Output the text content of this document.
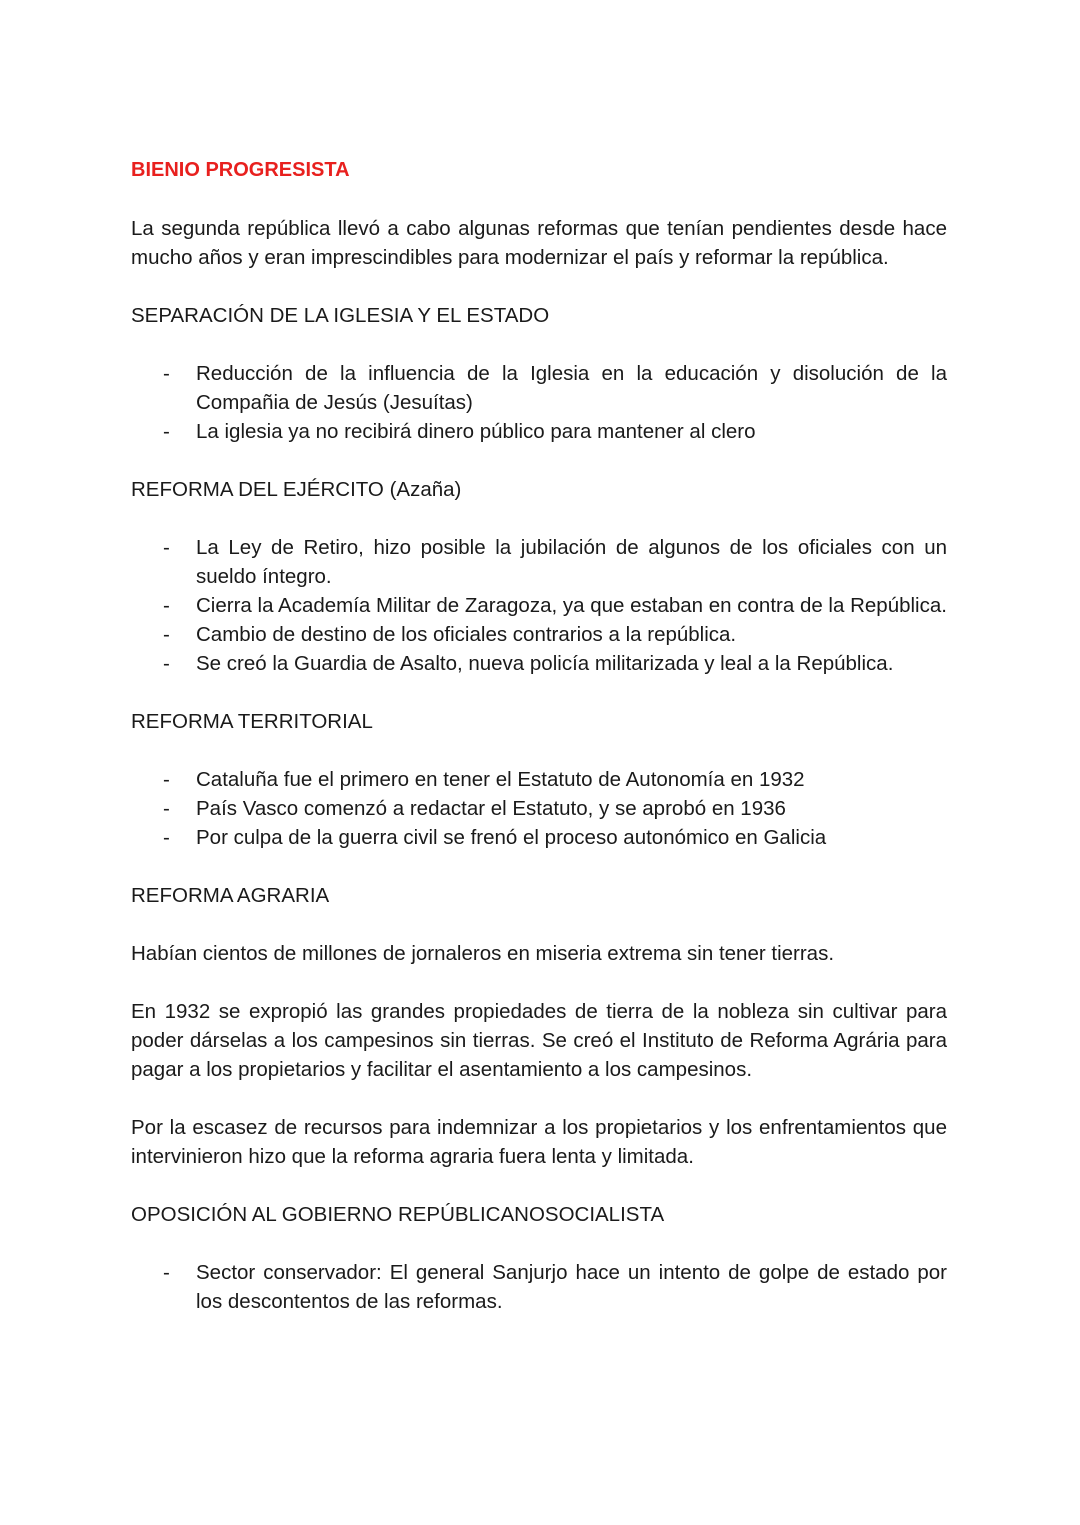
BIENIO PROGRESISTA

La segunda república llevó a cabo algunas reformas que tenían pendientes desde hace mucho años y eran imprescindibles para modernizar el país y reformar la república.

SEPARACIÓN DE LA IGLESIA Y EL ESTADO

- Reducción de la influencia de la Iglesia en la educación y disolución de la Compañia de Jesús (Jesuítas)
- La iglesia ya no recibirá dinero público para mantener al clero

REFORMA DEL EJÉRCITO (Azaña)

- La Ley de Retiro, hizo posible la jubilación de algunos de los oficiales con un sueldo íntegro.
- Cierra la Academía Militar de Zaragoza, ya que estaban en contra de la República.
- Cambio de destino de los oficiales contrarios a la república.
- Se creó la Guardia de Asalto, nueva policía militarizada y leal a la República.

REFORMA TERRITORIAL

- Cataluña fue el primero en tener el Estatuto de Autonomía en 1932
- País Vasco comenzó a redactar el Estatuto, y se aprobó en 1936
- Por culpa de la guerra civil se frenó el proceso autonómico en Galicia

REFORMA AGRARIA

Habían cientos de millones de jornaleros en miseria extrema sin tener tierras.

En 1932 se expropió las grandes propiedades de tierra de la nobleza sin cultivar para poder dárselas a los campesinos sin tierras. Se creó el Instituto de Reforma Agrária para pagar a los propietarios y facilitar el asentamiento a los campesinos.

Por la escasez de recursos para indemnizar a los propietarios y los enfrentamientos que intervinieron hizo que la reforma agraria fuera lenta y limitada.

OPOSICIÓN AL GOBIERNO REPÚBLICANOSOCIALISTA

- Sector conservador: El general Sanjurjo hace un intento de golpe de estado por los descontentos de las reformas.
